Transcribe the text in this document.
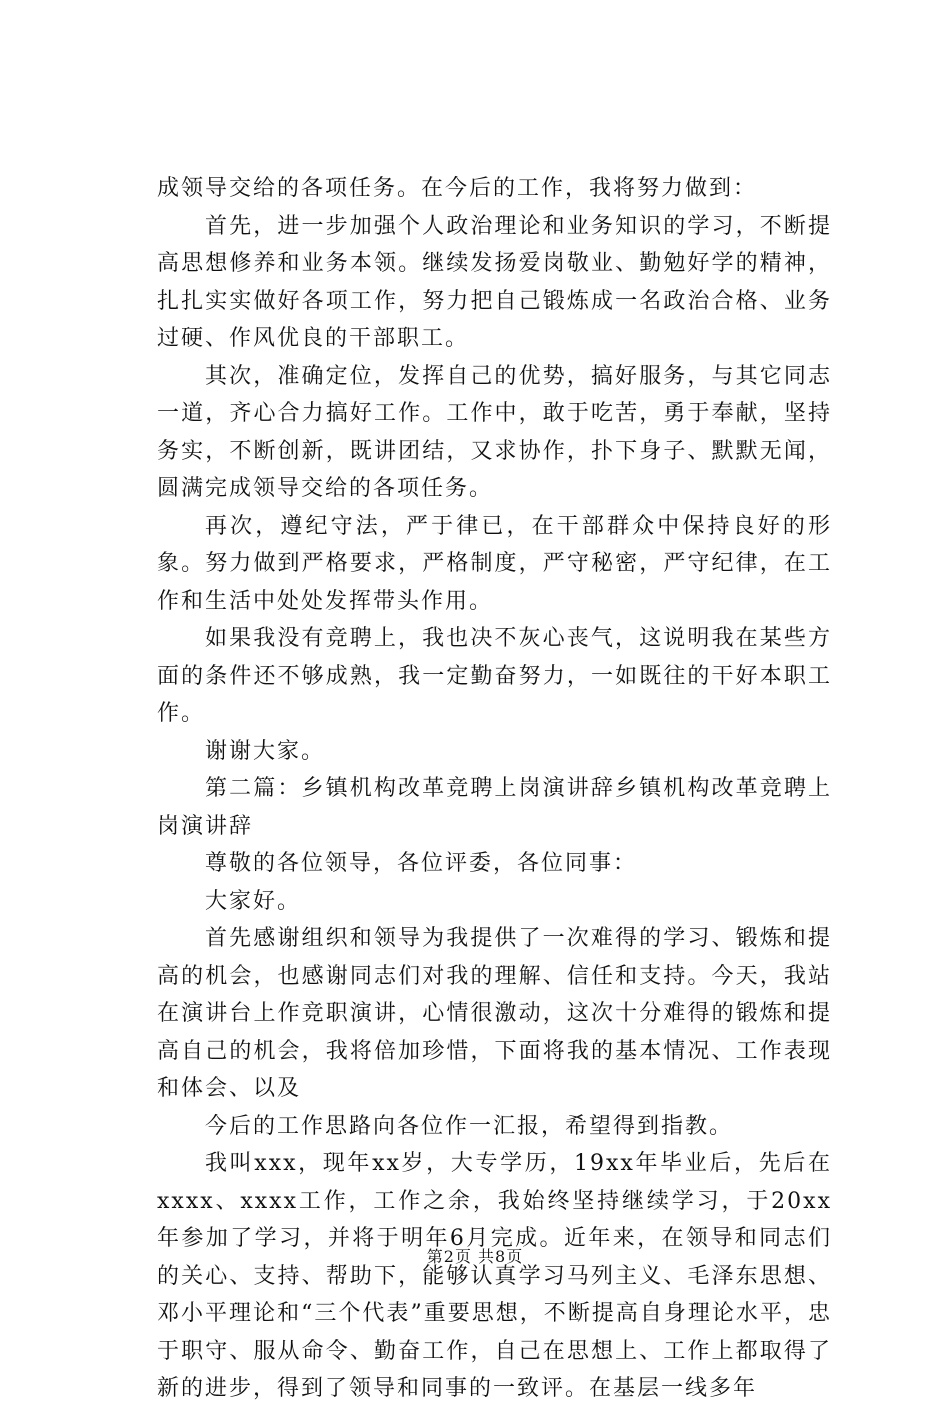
成领导交给的各项任务。在今后的工作，我将努力做到：

首先，进一步加强个人政治理论和业务知识的学习，不断提高思想修养和业务本领。继续发扬爱岗敬业、勤勉好学的精神，扎扎实实做好各项工作，努力把自己锻炼成一名政治合格、业务过硬、作风优良的干部职工。

其次，准确定位，发挥自己的优势，搞好服务，与其它同志一道，齐心合力搞好工作。工作中，敢于吃苦，勇于奉献，坚持务实，不断创新，既讲团结，又求协作，扑下身子、默默无闻，圆满完成领导交给的各项任务。

再次，遵纪守法，严于律已，在干部群众中保持良好的形象。努力做到严格要求，严格制度，严守秘密，严守纪律，在工作和生活中处处发挥带头作用。

如果我没有竞聘上，我也决不灰心丧气，这说明我在某些方面的条件还不够成熟，我一定勤奋努力，一如既往的干好本职工作。

谢谢大家。

第二篇：乡镇机构改革竞聘上岗演讲辞乡镇机构改革竞聘上岗演讲辞

尊敬的各位领导，各位评委，各位同事：

大家好。

首先感谢组织和领导为我提供了一次难得的学习、锻炼和提高的机会，也感谢同志们对我的理解、信任和支持。今天，我站在演讲台上作竞职演讲，心情很激动，这次十分难得的锻炼和提高自己的机会，我将倍加珍惜，下面将我的基本情况、工作表现和体会、以及

今后的工作思路向各位作一汇报，希望得到指教。

我叫xxx，现年xx岁，大专学历，19xx年毕业后，先后在xxxx、xxxx工作，工作之余，我始终坚持继续学习，于20xx年参加了学习，并将于明年6月完成。近年来，在领导和同志们的关心、支持、帮助下，能够认真学习马列主义、毛泽东思想、邓小平理论和“三个代表”重要思想，不断提高自身理论水平，忠于职守、服从命令、勤奋工作，自己在思想上、工作上都取得了新的进步，得到了领导和同事的一致评。在基层一线多年

第2页 共8页
